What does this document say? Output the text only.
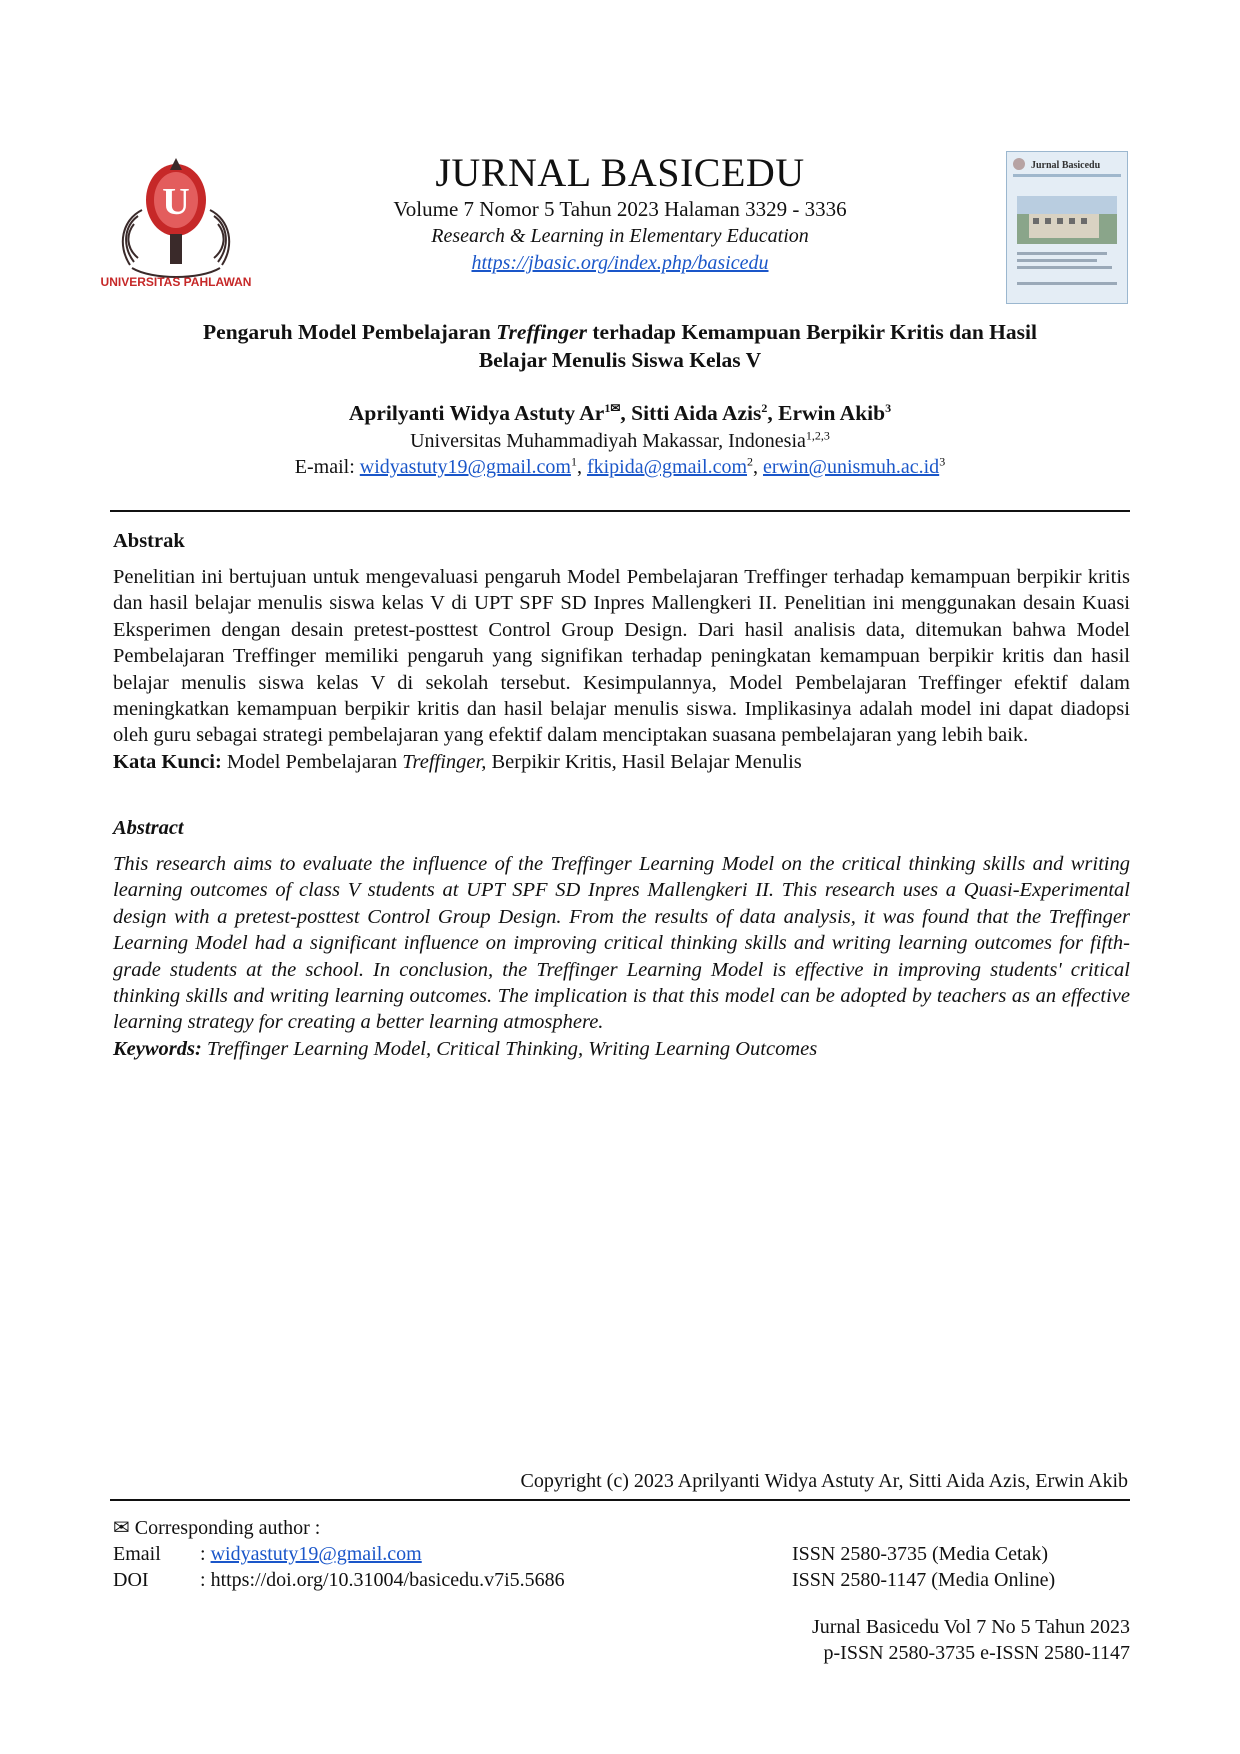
U
UNIVERSITAS PAHLAWAN
JURNAL BASICEDU
Volume 7 Nomor 5 Tahun 2023 Halaman 3329 - 3336
Research & Learning in Elementary Education
https://jbasic.org/index.php/basicedu
Jurnal Basicedu
Pengaruh Model Pembelajaran Treffinger terhadap Kemampuan Berpikir Kritis dan Hasil
Belajar Menulis Siswa Kelas V
Aprilyanti Widya Astuty $Ar^{1✉}$, Sitti Aida Azis$^2$, Erwin Akib$^3$
Universitas Muhammadiyah Makassar, Indonesia$^{1,2,3}$
E-mail: widyastuty19@gmail.com$^1$, fkipida@gmail.com$^2$, $erwin@unismuh.ac.id^3$
Abstrak
Penelitian ini bertujuan untuk mengevaluasi pengaruh Model Pembelajaran Treffinger terhadap kemampuan berpikir kritis dan hasil belajar menulis siswa kelas V di UPT SPF SD Inpres Mallengkeri II. Penelitian ini menggunakan desain Kuasi Eksperimen dengan desain pretest-posttest Control Group Design. Dari hasil analisis data, ditemukan bahwa Model Pembelajaran Treffinger memiliki pengaruh yang signifikan terhadap peningkatan kemampuan berpikir kritis dan hasil belajar menulis siswa kelas V di sekolah tersebut. Kesimpulannya, Model Pembelajaran Treffinger efektif dalam meningkatkan kemampuan berpikir kritis dan hasil belajar menulis siswa. Implikasinya adalah model ini dapat diadopsi oleh guru sebagai strategi pembelajaran yang efektif dalam menciptakan suasana pembelajaran yang lebih baik.
Kata Kunci: Model Pembelajaran Treffinger, Berpikir Kritis, Hasil Belajar Menulis
Abstract
This research aims to evaluate the influence of the Treffinger Learning Model on the critical thinking skills and writing learning outcomes of class V students at UPT SPF SD Inpres Mallengkeri II. This research uses a Quasi-Experimental design with a pretest-posttest Control Group Design. From the results of data analysis, it was found that the Treffinger Learning Model had a significant influence on improving critical thinking skills and writing learning outcomes for fifth-grade students at the school. In conclusion, the Treffinger Learning Model is effective in improving students' critical thinking skills and writing learning outcomes. The implication is that this model can be adopted by teachers as an effective learning strategy for creating a better learning atmosphere.
Keywords: Treffinger Learning Model, Critical Thinking, Writing Learning Outcomes
Copyright (c) 2023 Aprilyanti Widya Astuty Ar, Sitti Aida Azis, Erwin Akib
✉ Corresponding author :
Email	: widyastuty19@gmail.com
DOI	: https://doi.org/10.31004/basicedu.v7i5.5686
ISSN 2580-3735 (Media Cetak)
ISSN 2580-1147 (Media Online)
Jurnal Basicedu Vol 7 No 5 Tahun 2023
p-ISSN 2580-3735 e-ISSN 2580-1147
